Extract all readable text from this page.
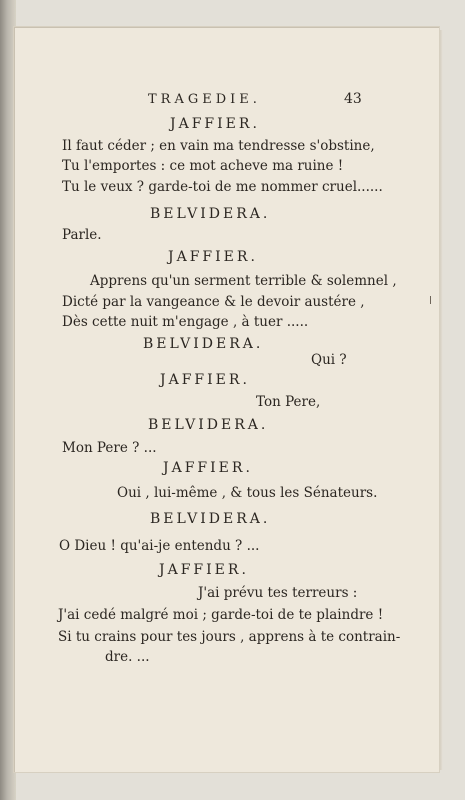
TRAGEDIE.	43
JAFFIER.
Il faut céder ; en vain ma tendresse s'obstine,
Tu l'emportes : ce mot acheve ma ruine !
Tu le veux ? garde-toi de me nommer cruel......
BELVIDERA.
Parle.
JAFFIER.
Apprens qu'un serment terrible & solemnel ,
Dicté par la vangeance & le devoir austére ,
Dès cette nuit m'engage , à tuer .....
BELVIDERA.
Qui ?
JAFFIER.
Ton Pere,
BELVIDERA.
Mon Pere ? ...
JAFFIER.
Oui , lui-même , & tous les Sénateurs.
BELVIDERA.
O Dieu ! qu'ai-je entendu ? ...
JAFFIER.
J'ai prévu tes terreurs :
J'ai cedé malgré moi ; garde-toi de te plaindre !
Si tu crains pour tes jours , apprens à te contrain-
dre. ...
